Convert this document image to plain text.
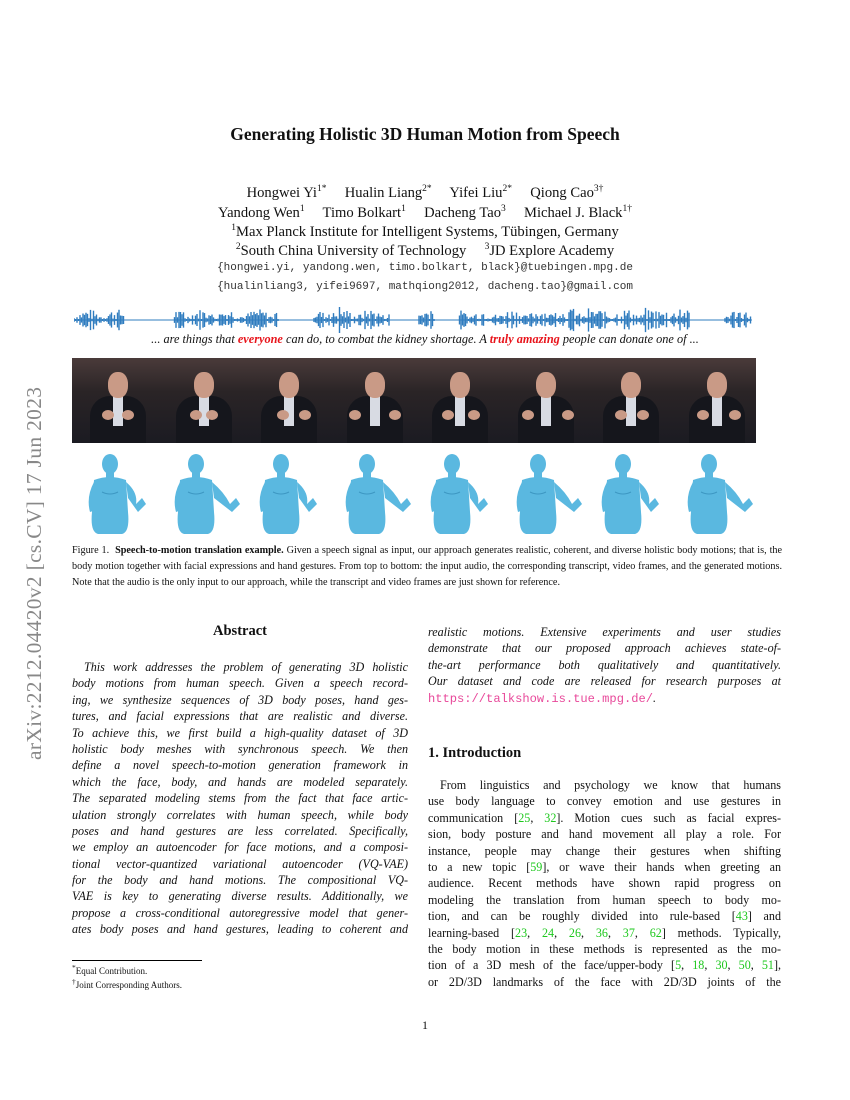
arXiv:2212.04420v2 [cs.CV] 17 Jun 2023
Generating Holistic 3D Human Motion from Speech
Hongwei $Yi^{1*}$ Hualin Liang$^{2*}$ Yifei Liu$^{2*}$ Qiong Cao$^{3\dagger}$
Yandong Wen$^1$ Timo Bolkart$^1$ Dacheng Tao$^3$ Michael J. Black$^{1\dagger}$
$^1$Max Planck Institute for Intelligent Systems, Tübingen, Germany
$^2$South China University of Technology $^3$JD Explore Academy
{hongwei.yi, yandong.wen, timo.bolkart, black}@tuebingen.mpg.de
{hualinliang3, yifei9697, mathqiong2012, dacheng.tao}@gmail.com
... are things that everyone can do, to combat the kidney shortage. A truly amazing people can donate one of ...
Figure 1. Speech-to-motion translation example. Given a speech signal as input, our approach generates realistic, coherent, and diverse holistic body motions; that is, the body motion together with facial expressions and hand gestures. From top to bottom: the input audio, the corresponding transcript, video frames, and the generated motions. Note that the audio is the only input to our approach, while the transcript and video frames are just shown for reference.
Abstract
This work addresses the problem of generating 3D holistic
body motions from human speech. Given a speech record-
ing, we synthesize sequences of 3D body poses, hand ges-
tures, and facial expressions that are realistic and diverse.
To achieve this, we first build a high-quality dataset of 3D
holistic body meshes with synchronous speech. We then
define a novel speech-to-motion generation framework in
which the face, body, and hands are modeled separately.
The separated modeling stems from the fact that face artic-
ulation strongly correlates with human speech, while body
poses and hand gestures are less correlated. Specifically,
we employ an autoencoder for face motions, and a composi-
tional vector-quantized variational autoencoder (VQ-VAE)
for the body and hand motions. The compositional VQ-
VAE is key to generating diverse results. Additionally, we
propose a cross-conditional autoregressive model that gener-
ates body poses and hand gestures, leading to coherent and
realistic motions. Extensive experiments and user studies
demonstrate that our proposed approach achieves state-of-
the-art performance both qualitatively and quantitatively.
Our dataset and code are released for research purposes at
https://talkshow.is.tue.mpg.de/.
1. Introduction
From linguistics and psychology we know that humans
use body language to convey emotion and use gestures in
communication [25, 32]. Motion cues such as facial expres-
sion, body posture and hand movement all play a role. For
instance, people may change their gestures when shifting
to a new topic [59], or wave their hands when greeting an
audience. Recent methods have shown rapid progress on
modeling the translation from human speech to body mo-
tion, and can be roughly divided into rule-based [43] and
learning-based [23, 24, 26, 36, 37, 62] methods. Typically,
the body motion in these methods is represented as the mo-
tion of a 3D mesh of the face/upper-body [5, 18, 30, 50, 51],
or 2D/3D landmarks of the face with 2D/3D joints of the
*Equal Contribution.
†Joint Corresponding Authors.
1
